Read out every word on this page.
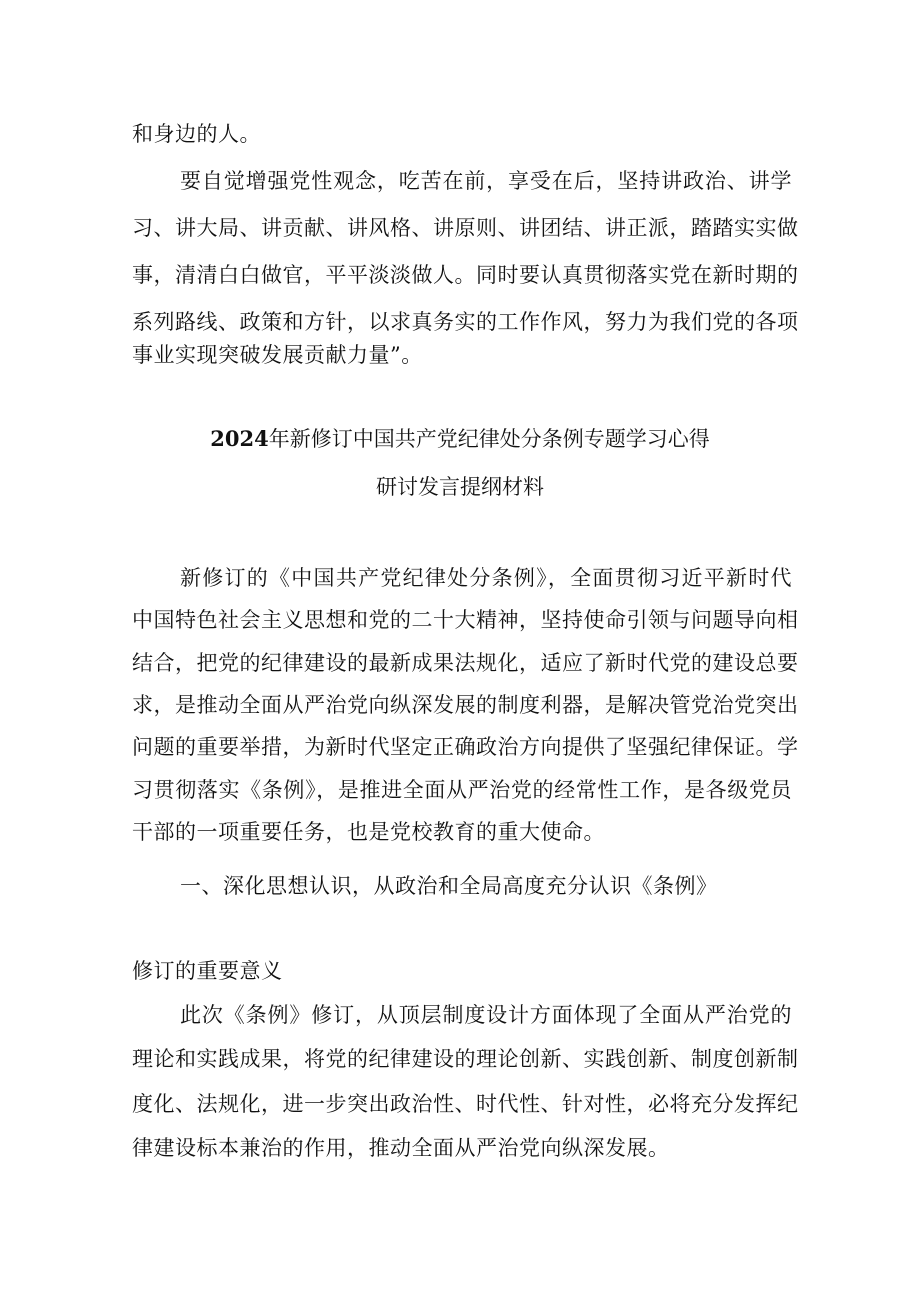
和身边的人。
要自觉增强党性观念，吃苦在前，享受在后，坚持讲政治、讲学
习、讲大局、讲贡献、讲风格、讲原则、讲团结、讲正派，踏踏实实做
事，清清白白做官，平平淡淡做人。同时要认真贯彻落实党在新时期的
系列路线、政策和方针，以求真务实的工作作风，努力为我们党的各项
事业实现突破发展贡献力量”。
2024年新修订中国共产党纪律处分条例专题学习心得
研讨发言提纲材料
新修订的《中国共产党纪律处分条例》，全面贯彻习近平新时代
中国特色社会主义思想和党的二十大精神，坚持使命引领与问题导向相
结合，把党的纪律建设的最新成果法规化，适应了新时代党的建设总要
求，是推动全面从严治党向纵深发展的制度利器，是解决管党治党突出
问题的重要举措，为新时代坚定正确政治方向提供了坚强纪律保证。学
习贯彻落实《条例》，是推进全面从严治党的经常性工作，是各级党员
干部的一项重要任务，也是党校教育的重大使命。
一、深化思想认识，从政治和全局高度充分认识《条例》
修订的重要意义
此次《条例》修订，从顶层制度设计方面体现了全面从严治党的
理论和实践成果，将党的纪律建设的理论创新、实践创新、制度创新制
度化、法规化，进一步突出政治性、时代性、针对性，必将充分发挥纪
律建设标本兼治的作用，推动全面从严治党向纵深发展。
